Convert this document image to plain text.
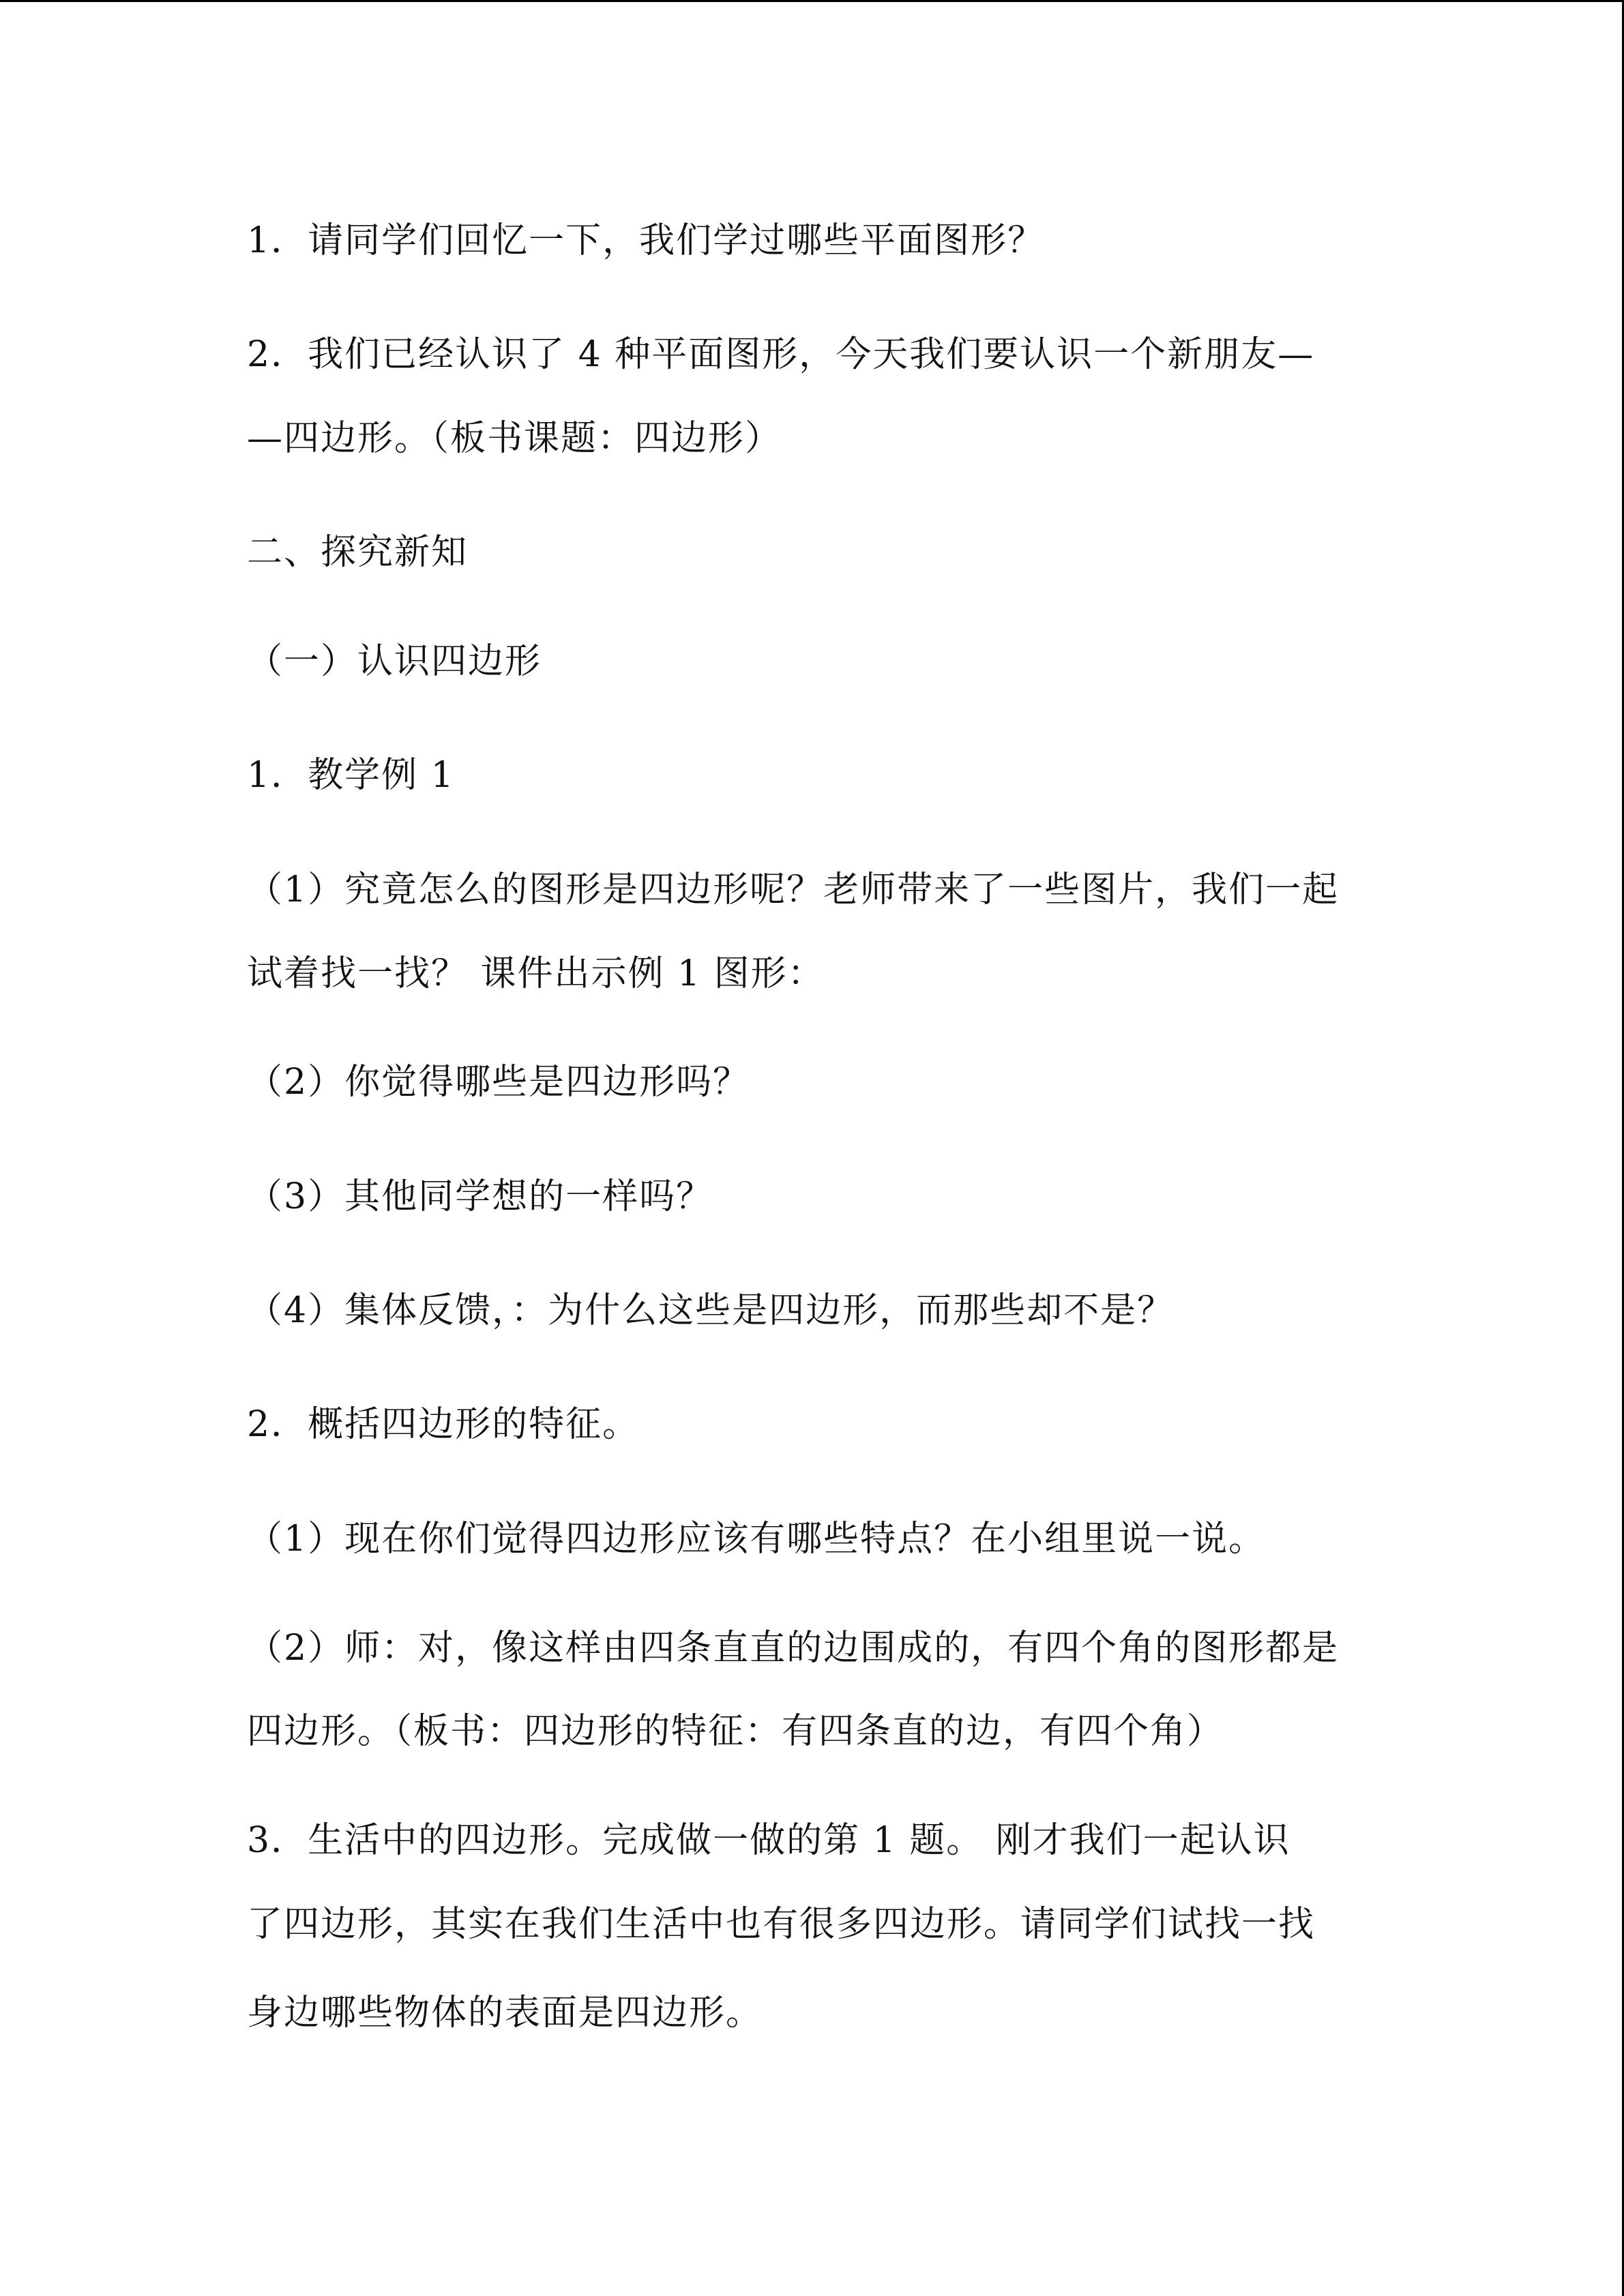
1．请同学们回忆一下，我们学过哪些平面图形？
2．我们已经认识了 4 种平面图形，今天我们要认识一个新朋友—
—四边形。（板书课题：四边形）
二、探究新知
（一）认识四边形
1．教学例 1
（1）究竟怎么的图形是四边形呢？老师带来了一些图片，我们一起
试着找一找？ 课件出示例 1 图形：
（2）你觉得哪些是四边形吗？
（3）其他同学想的一样吗？
（4）集体反馈，：为什么这些是四边形，而那些却不是？
2．概括四边形的特征。
（1）现在你们觉得四边形应该有哪些特点？在小组里说一说。
（2）师：对，像这样由四条直直的边围成的，有四个角的图形都是
四边形。（板书：四边形的特征：有四条直的边，有四个角）
3．生活中的四边形。完成做一做的第 1 题。 刚才我们一起认识
了四边形，其实在我们生活中也有很多四边形。请同学们试找一找
身边哪些物体的表面是四边形。
